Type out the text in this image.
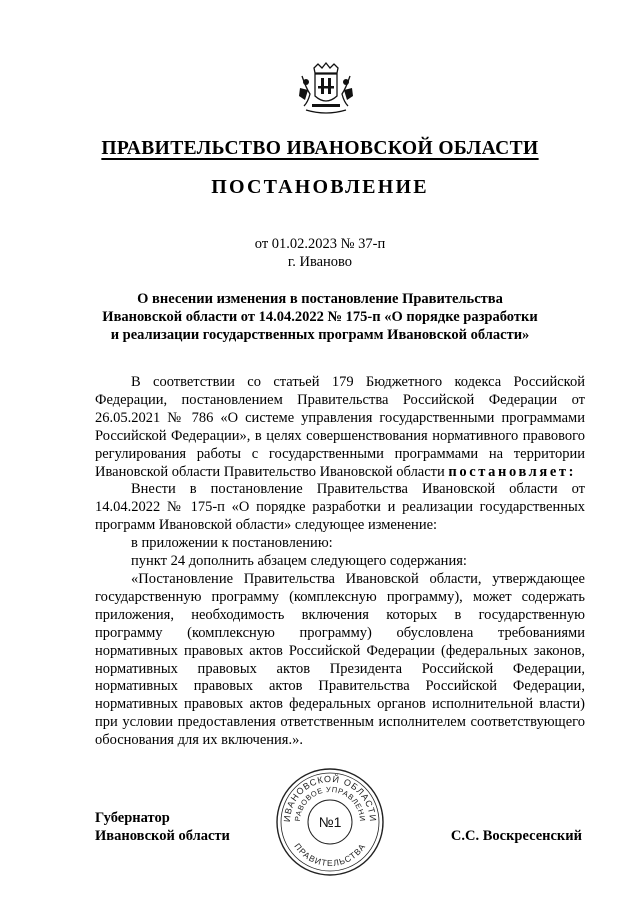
ПРАВИТЕЛЬСТВО ИВАНОВСКОЙ ОБЛАСТИ
ПОСТАНОВЛЕНИЕ
от 01.02.2023 № 37-п
г. Иваново
О внесении изменения в постановление Правительства
Ивановской области от 14.04.2022 № 175-п «О порядке разработки
и реализации государственных программ Ивановской области»

В соответствии со статьей 179 Бюджетного кодекса Российской Федерации, постановлением Правительства Российской Федерации от 26.05.2021 № 786 «О системе управления государственными программами Российской Федерации», в целях совершенствования нормативного правового регулирования работы с государственными программами на территории Ивановской области Правительство Ивановской области постановляет:

Внести в постановление Правительства Ивановской области от 14.04.2022 № 175-п «О порядке разработки и реализации государственных программ Ивановской области» следующее изменение:

в приложении к постановлению:

пункт 24 дополнить абзацем следующего содержания:

«Постановление Правительства Ивановской области, утверждающее государственную программу (комплексную программу), может содержать приложения, необходимость включения которых в государственную программу (комплексную программу) обусловлена требованиями нормативных правовых актов Российской Федерации (федеральных законов, нормативных правовых актов Президента Российской Федерации, нормативных правовых актов Правительства Российской Федерации, нормативных правовых актов федеральных органов исполнительной власти) при условии предоставления ответственным исполнителем соответствующего обоснования для их включения.».

Губернатор
Ивановской области
ИВАНОВСКОЙ ОБЛАСТИ
РАВОВОЕ УПРАВЛЕНИ
ПРАВИТЕЛЬСТВА
№1
С.С. Воскресенский
